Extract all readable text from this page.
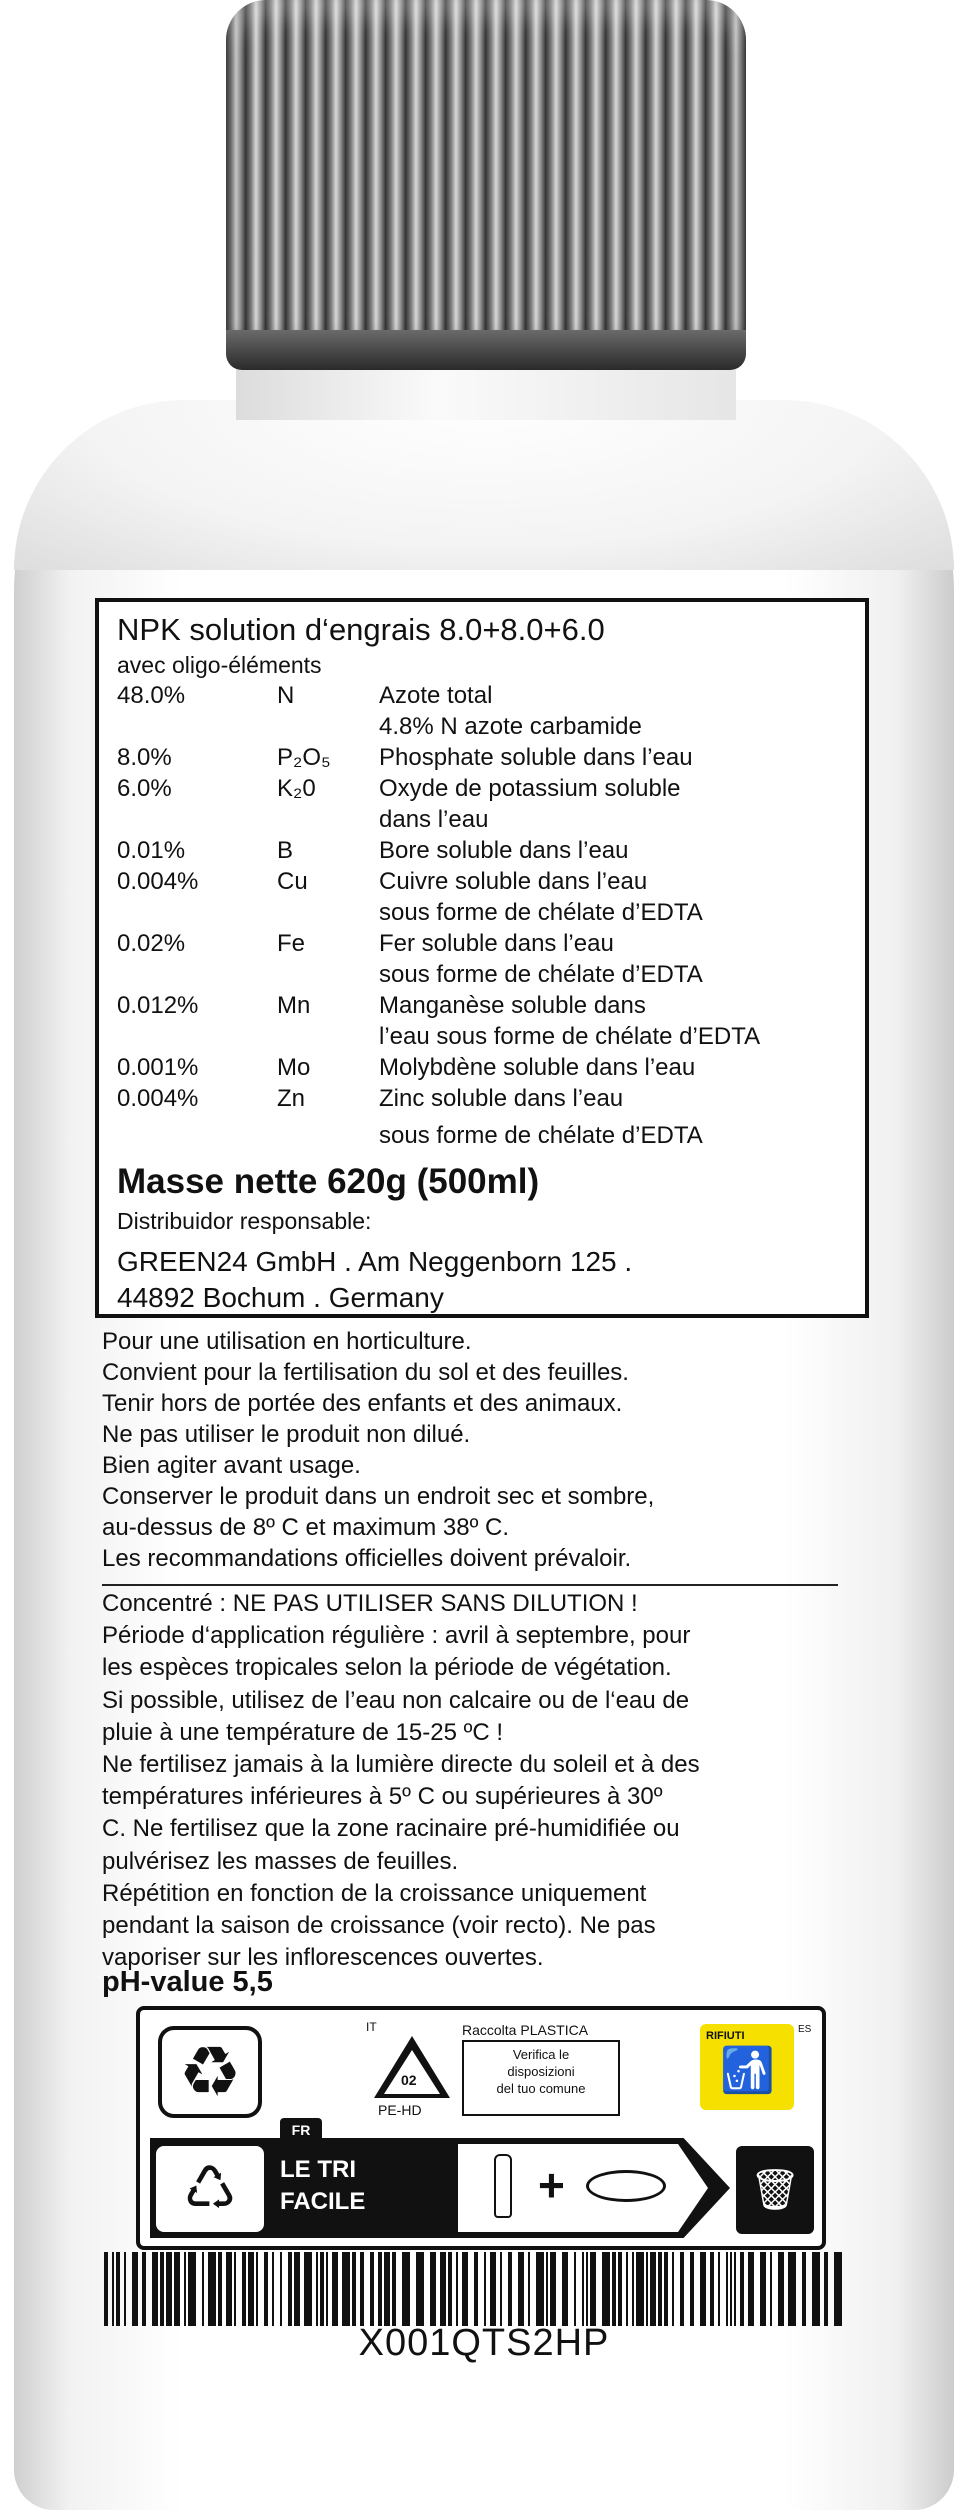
NPK solution d‘engrais 8.0+8.0+6.0
avec oligo-éléments
48.0%	N	Azote total
4.8% N azote carbamide
8.0%	P₂O₅	Phosphate soluble dans l’eau
6.0%	K₂0	Oxyde de potassium soluble
dans l’eau
0.01%	B	Bore soluble dans l’eau
0.004%	Cu	Cuivre soluble dans l’eau
sous forme de chélate d’EDTA
0.02%	Fe	Fer soluble dans l’eau
sous forme de chélate d’EDTA
0.012%	Mn	Manganèse soluble dans
l’eau sous forme de chélate d’EDTA
0.001%	Mo	Molybdène soluble dans l’eau
0.004%	Zn	Zinc soluble dans l’eau
sous forme de chélate d’EDTA
Masse nette 620g (500ml)
Distribuidor responsable:
GREEN24 GmbH . Am Neggenborn 125 .
44892 Bochum . Germany
Pour une utilisation en horticulture.
Convient pour la fertilisation du sol et des feuilles.
Tenir hors de portée des enfants et des animaux.
Ne pas utiliser le produit non dilué.
Bien agiter avant usage.
Conserver le produit dans un endroit sec et sombre,
au-dessus de 8º C et maximum 38º C.
Les recommandations officielles doivent prévaloir.
Concentré : NE PAS UTILISER SANS DILUTION !
Période d‘application régulière : avril à septembre, pour
les espèces tropicales selon la période de végétation.
Si possible, utilisez de l’eau non calcaire ou de l‘eau de
pluie à une température de 15-25 ºC !
Ne fertilisez jamais à la lumière directe du soleil et à des
températures inférieures à 5º C ou supérieures à 30º
C. Ne fertilisez que la zone racinaire pré-humidifiée ou
pulvérisez les masses de feuilles.
Répétition en fonction de la croissance uniquement
pendant la saison de croissance (voir recto). Ne pas
vaporiser sur les inflorescences ouvertes.
pH-value 5,5
♻
IT
02
PE-HD
Raccolta PLASTICA
Verifica le
disposizioni
del tuo comune
RIFIUTI
🚮
ES
FR
♺	LE TRI
FACILE	+	🗑
X001QTS2HP
